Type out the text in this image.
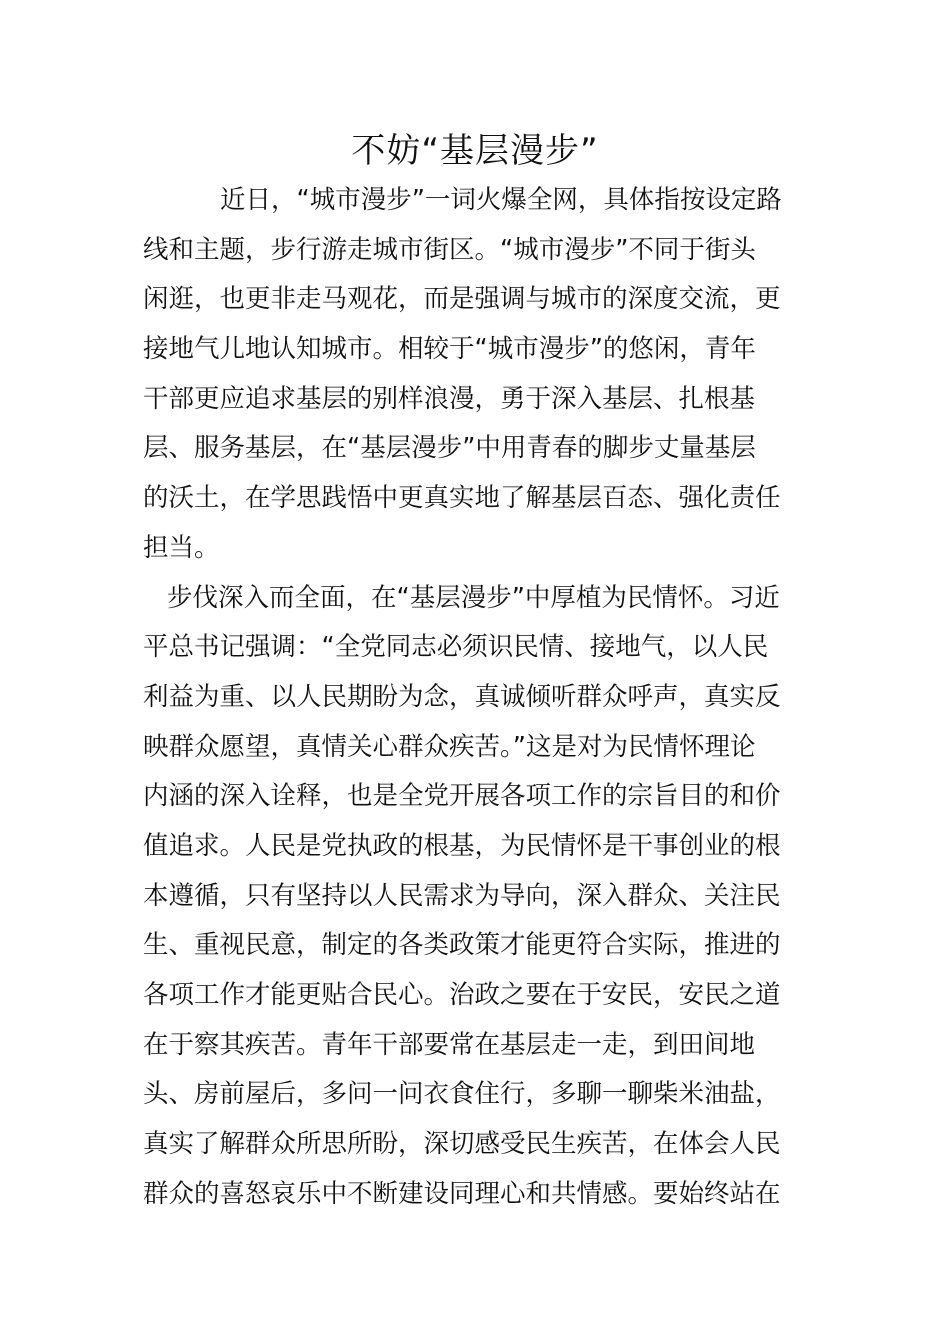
不妨“基层漫步”
近日，“城市漫步”一词火爆全网，具体指按设定路
线和主题，步行游走城市街区。“城市漫步”不同于街头
闲逛，也更非走马观花，而是强调与城市的深度交流，更
接地气儿地认知城市。相较于“城市漫步”的悠闲，青年
干部更应追求基层的别样浪漫，勇于深入基层、扎根基
层、服务基层，在“基层漫步”中用青春的脚步丈量基层
的沃土，在学思践悟中更真实地了解基层百态、强化责任
担当。
步伐深入而全面，在“基层漫步”中厚植为民情怀。习近
平总书记强调：“全党同志必须识民情、接地气，以人民
利益为重、以人民期盼为念，真诚倾听群众呼声，真实反
映群众愿望，真情关心群众疾苦。”这是对为民情怀理论
内涵的深入诠释，也是全党开展各项工作的宗旨目的和价
值追求。人民是党执政的根基，为民情怀是干事创业的根
本遵循，只有坚持以人民需求为导向，深入群众、关注民
生、重视民意，制定的各类政策才能更符合实际，推进的
各项工作才能更贴合民心。治政之要在于安民，安民之道
在于察其疾苦。青年干部要常在基层走一走，到田间地
头、房前屋后，多问一问衣食住行，多聊一聊柴米油盐，
真实了解群众所思所盼，深切感受民生疾苦，在体会人民
群众的喜怒哀乐中不断建设同理心和共情感。要始终站在
